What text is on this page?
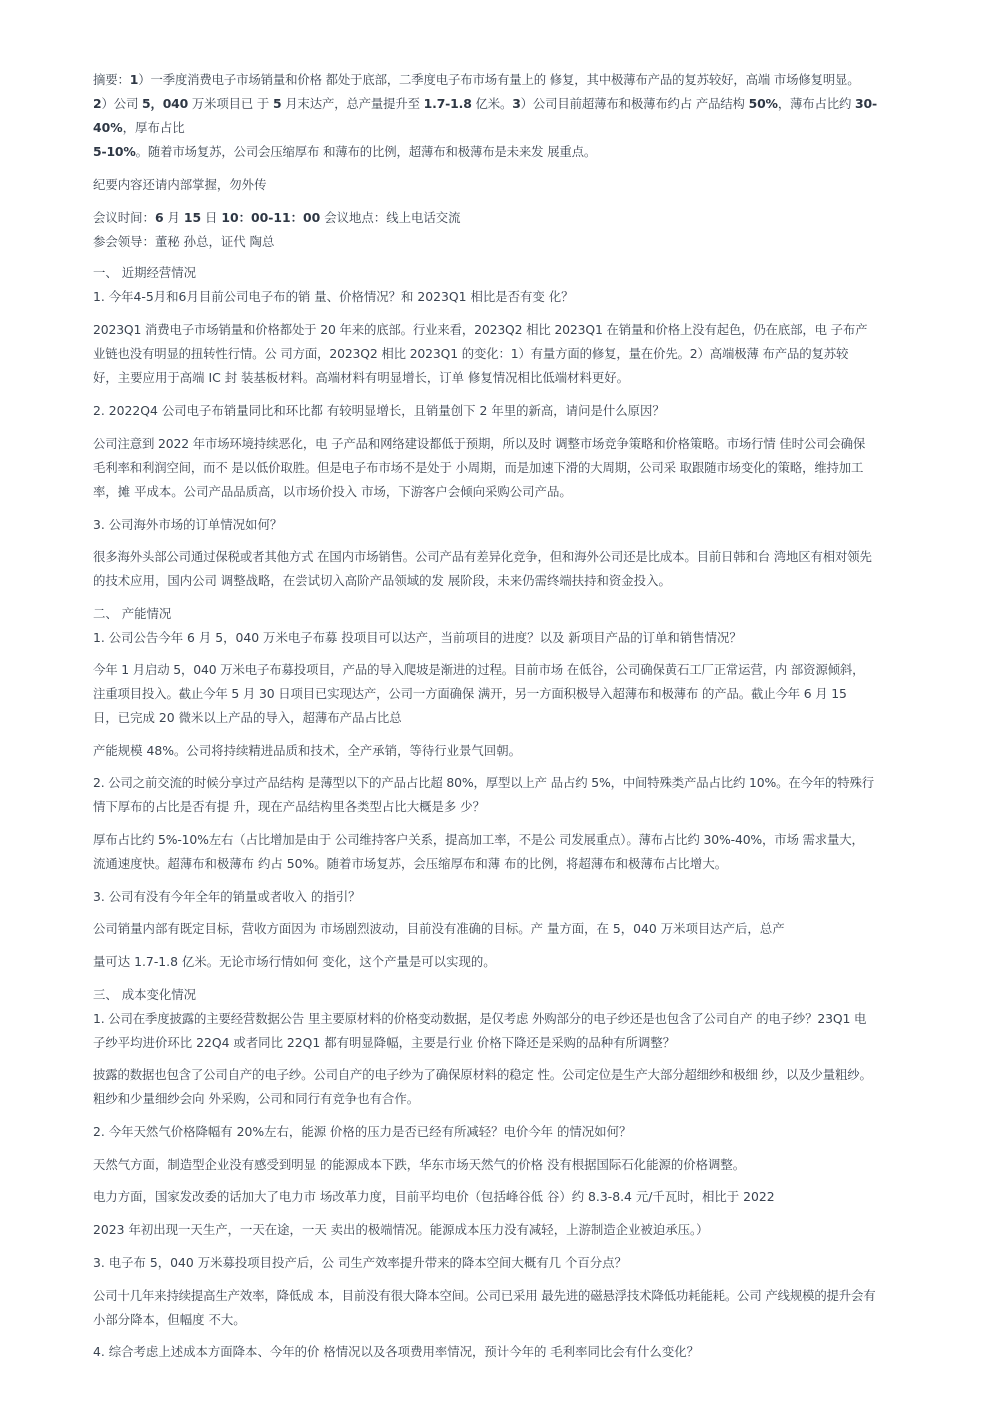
摘要：1）一季度消费电子市场销量和价格 都处于底部，二季度电子布市场有量上的 修复，其中极薄布产品的复苏较好，高端 市场修复明显。
2）公司 5，040 万米项目已 于 5 月末达产，总产量提升至 1.7-1.8 亿米。3）公司目前超薄布和极薄布约占 产品结构 50%，薄布占比约 30-
40%，厚布占比
5-10%。随着市场复苏，公司会压缩厚布 和薄布的比例，超薄布和极薄布是未来发 展重点。
纪要内容还请内部掌握，勿外传
会议时间：6 月 15 日 10：00-11：00 会议地点：线上电话交流
参会领导：董秘 孙总，证代 陶总
一、 近期经营情况
1. 今年4-5月和6月目前公司电子布的销 量、价格情况？和 2023Q1 相比是否有变 化？
2023Q1 消费电子市场销量和价格都处于 20 年来的底部。行业来看，2023Q2 相比 2023Q1 在销量和价格上没有起色，仍在底部，电 子布产
业链也没有明显的扭转性行情。公 司方面，2023Q2 相比 2023Q1 的变化：1）有量方面的修复，量在价先。2）高端极薄 布产品的复苏较
好，主要应用于高端 IC 封 装基板材料。高端材料有明显增长，订单 修复情况相比低端材料更好。
2. 2022Q4 公司电子布销量同比和环比都 有较明显增长，且销量创下 2 年里的新高，请问是什么原因？
公司注意到 2022 年市场环境持续恶化，电 子产品和网络建设都低于预期，所以及时 调整市场竞争策略和价格策略。市场行情 佳时公司会确保
毛利率和利润空间，而不 是以低价取胜。但是电子布市场不是处于 小周期，而是加速下滑的大周期，公司采 取跟随市场变化的策略，维持加工
率，摊 平成本。公司产品品质高，以市场价投入 市场，下游客户会倾向采购公司产品。
3. 公司海外市场的订单情况如何？
很多海外头部公司通过保税或者其他方式 在国内市场销售。公司产品有差异化竞争，但和海外公司还是比成本。目前日韩和台 湾地区有相对领先
的技术应用，国内公司 调整战略，在尝试切入高阶产品领域的发 展阶段，未来仍需终端扶持和资金投入。
二、 产能情况
1. 公司公告今年 6 月 5，040 万米电子布募 投项目可以达产，当前项目的进度？以及 新项目产品的订单和销售情况？
今年 1 月启动 5，040 万米电子布募投项目，产品的导入爬坡是渐进的过程。目前市场 在低谷，公司确保黄石工厂正常运营，内 部资源倾斜，
注重项目投入。截止今年 5 月 30 日项目已实现达产，公司一方面确保 满开，另一方面积极导入超薄布和极薄布 的产品。截止今年 6 月 15
日，已完成 20 微米以上产品的导入，超薄布产品占比总
产能规模 48%。公司将持续精进品质和技术，全产承销，等待行业景气回朝。
2. 公司之前交流的时候分享过产品结构 是薄型以下的产品占比超 80%，厚型以上产 品占约 5%，中间特殊类产品占比约 10%。在今年的特殊行
情下厚布的占比是否有提 升，现在产品结构里各类型占比大概是多 少？
厚布占比约 5%-10%左右（占比增加是由于 公司维持客户关系，提高加工率，不是公 司发展重点）。薄布占比约 30%-40%，市场 需求量大，
流通速度快。超薄布和极薄布 约占 50%。随着市场复苏，会压缩厚布和薄 布的比例，将超薄布和极薄布占比增大。
3. 公司有没有今年全年的销量或者收入 的指引？
公司销量内部有既定目标，营收方面因为 市场剧烈波动，目前没有准确的目标。产 量方面，在 5，040 万米项目达产后，总产
量可达 1.7-1.8 亿米。无论市场行情如何 变化，这个产量是可以实现的。
三、 成本变化情况
1. 公司在季度披露的主要经营数据公告 里主要原材料的价格变动数据，是仅考虑 外购部分的电子纱还是也包含了公司自产 的电子纱？23Q1 电
子纱平均进价环比 22Q4 或者同比 22Q1 都有明显降幅，主要是行业 价格下降还是采购的品种有所调整？
披露的数据也包含了公司自产的电子纱。公司自产的电子纱为了确保原材料的稳定 性。公司定位是生产大部分超细纱和极细 纱，以及少量粗纱。
粗纱和少量细纱会向 外采购，公司和同行有竞争也有合作。
2. 今年天然气价格降幅有 20%左右，能源 价格的压力是否已经有所减轻？电价今年 的情况如何？
天然气方面，制造型企业没有感受到明显 的能源成本下跌，华东市场天然气的价格 没有根据国际石化能源的价格调整。
电力方面，国家发改委的话加大了电力市 场改革力度，目前平均电价（包括峰谷低 谷）约 8.3-8.4 元/千瓦时，相比于 2022
2023 年初出现一天生产，一天在途，一天 卖出的极端情况。能源成本压力没有减轻，上游制造企业被迫承压。）
3. 电子布 5，040 万米募投项目投产后，公 司生产效率提升带来的降本空间大概有几 个百分点？
公司十几年来持续提高生产效率，降低成 本，目前没有很大降本空间。公司已采用 最先进的磁悬浮技术降低功耗能耗。公司 产线规模的提升会有
小部分降本，但幅度 不大。
4. 综合考虑上述成本方面降本、今年的价 格情况以及各项费用率情况，预计今年的 毛利率同比会有什么变化？
